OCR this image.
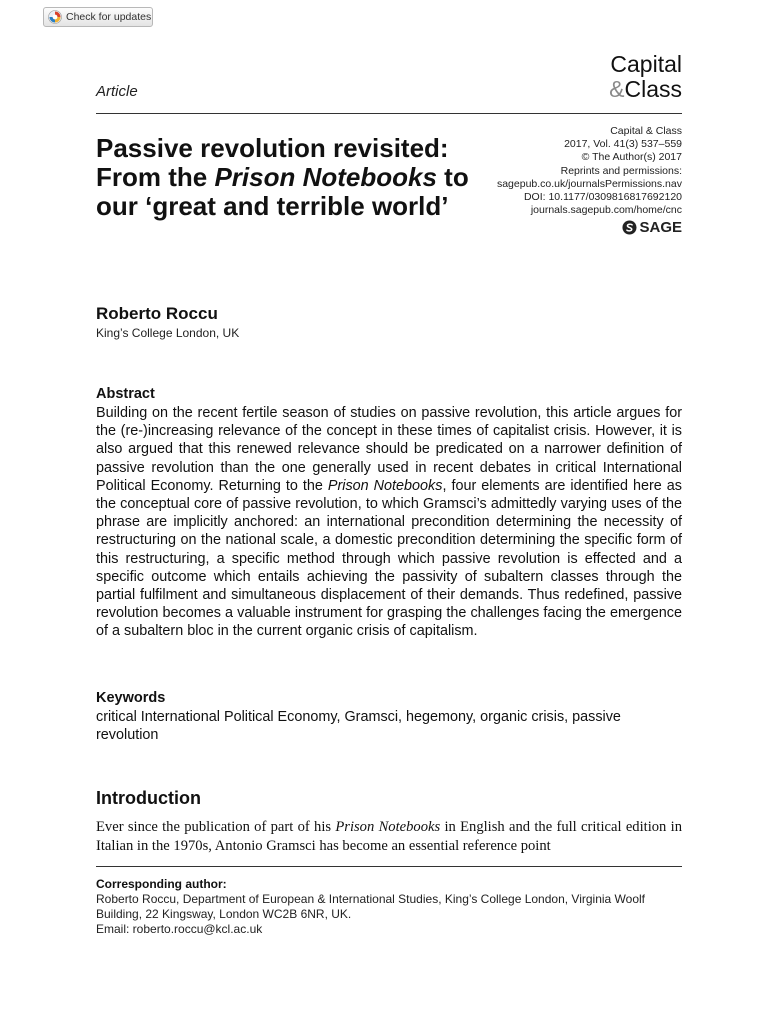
Check for updates
Article
Capital
&Class
Passive revolution revisited: From the Prison Notebooks to our ‘great and terrible world’
Capital & Class
2017, Vol. 41(3) 537–559
© The Author(s) 2017
Reprints and permissions:
sagepub.co.uk/journalsPermissions.nav
DOI: 10.1177/0309816817692120
journals.sagepub.com/home/cnc
SAGE
Roberto Roccu
King’s College London, UK
Abstract

Building on the recent fertile season of studies on passive revolution, this article argues for the (re-)increasing relevance of the concept in these times of capitalist crisis. However, it is also argued that this renewed relevance should be predicated on a narrower definition of passive revolution than the one generally used in recent debates in critical International Political Economy. Returning to the Prison Notebooks, four elements are identified here as the conceptual core of passive revolution, to which Gramsci’s admittedly varying uses of the phrase are implicitly anchored: an international precondition determining the necessity of restructuring on the national scale, a domestic precondition determining the specific form of this restructuring, a specific method through which passive revolution is effected and a specific outcome which entails achieving the passivity of subaltern classes through the partial fulfilment and simultaneous displacement of their demands. Thus redefined, passive revolution becomes a valuable instrument for grasping the challenges facing the emergence of a subaltern bloc in the current organic crisis of capitalism.

Keywords
critical International Political Economy, Gramsci, hegemony, organic crisis, passive revolution
Introduction

Ever since the publication of part of his Prison Notebooks in English and the full critical edition in Italian in the 1970s, Antonio Gramsci has become an essential reference point

Corresponding author:
Roberto Roccu, Department of European & International Studies, King’s College London, Virginia Woolf Building, 22 Kingsway, London WC2B 6NR, UK.
Email: roberto.roccu@kcl.ac.uk
